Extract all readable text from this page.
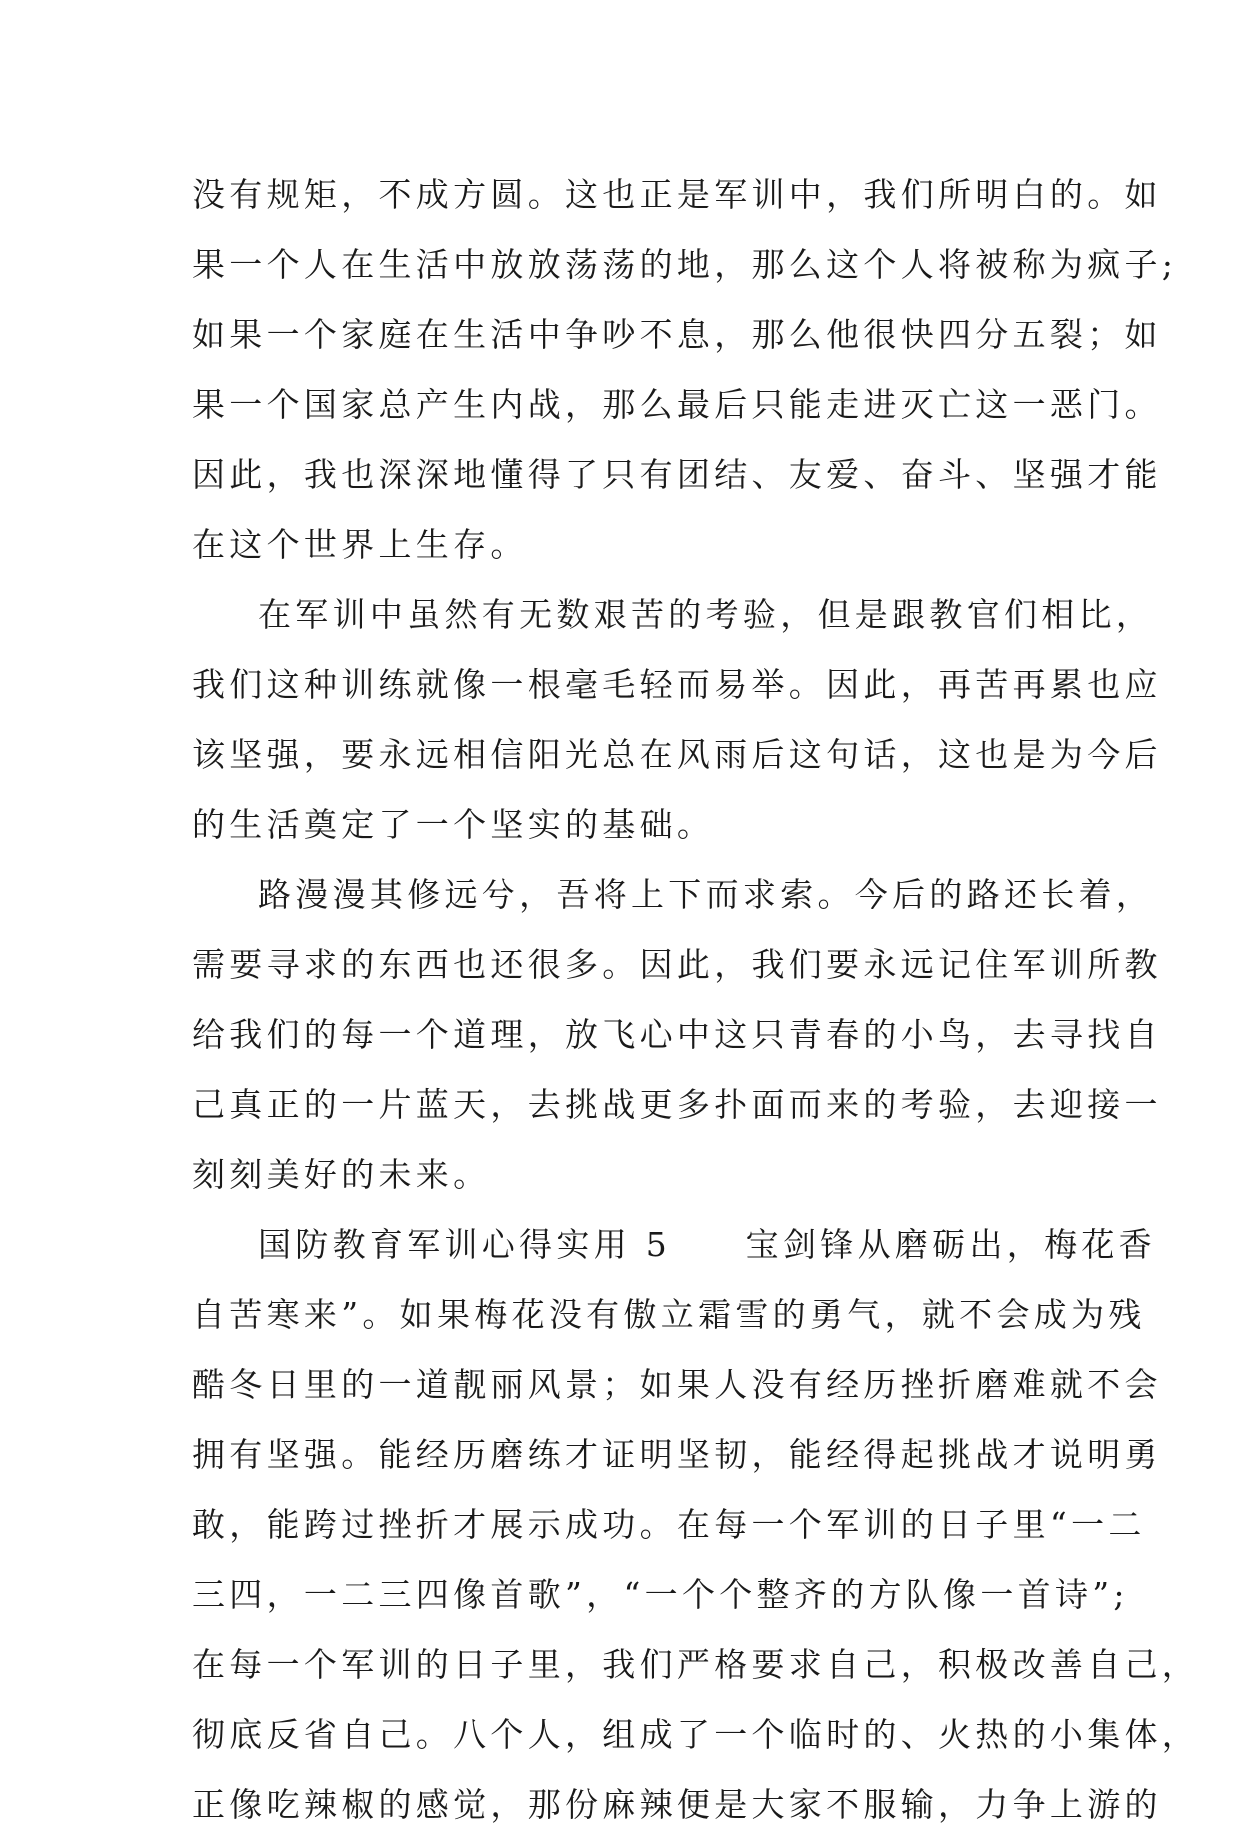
没有规矩，不成方圆。这也正是军训中，我们所明白的。如
果一个人在生活中放放荡荡的地，那么这个人将被称为疯子;
如果一个家庭在生活中争吵不息，那么他很快四分五裂；如
果一个国家总产生内战，那么最后只能走进灭亡这一恶门。
因此，我也深深地懂得了只有团结、友爱、奋斗、坚强才能
在这个世界上生存。
在军训中虽然有无数艰苦的考验，但是跟教官们相比，
我们这种训练就像一根毫毛轻而易举。因此，再苦再累也应
该坚强，要永远相信阳光总在风雨后这句话，这也是为今后
的生活奠定了一个坚实的基础。
路漫漫其修远兮，吾将上下而求索。今后的路还长着，
需要寻求的东西也还很多。因此，我们要永远记住军训所教
给我们的每一个道理，放飞心中这只青春的小鸟，去寻找自
己真正的一片蓝天，去挑战更多扑面而来的考验，去迎接一
刻刻美好的未来。
国防教育军训心得实用 5　　宝剑锋从磨砺出，梅花香
自苦寒来”。如果梅花没有傲立霜雪的勇气，就不会成为残
酷冬日里的一道靓丽风景；如果人没有经历挫折磨难就不会
拥有坚强。能经历磨练才证明坚韧，能经得起挑战才说明勇
敢，能跨过挫折才展示成功。在每一个军训的日子里“一二
三四，一二三四像首歌”，“一个个整齐的方队像一首诗”;
在每一个军训的日子里，我们严格要求自己，积极改善自己，
彻底反省自己。八个人，组成了一个临时的、火热的小集体，
正像吃辣椒的感觉，那份麻辣便是大家不服输，力争上游的
